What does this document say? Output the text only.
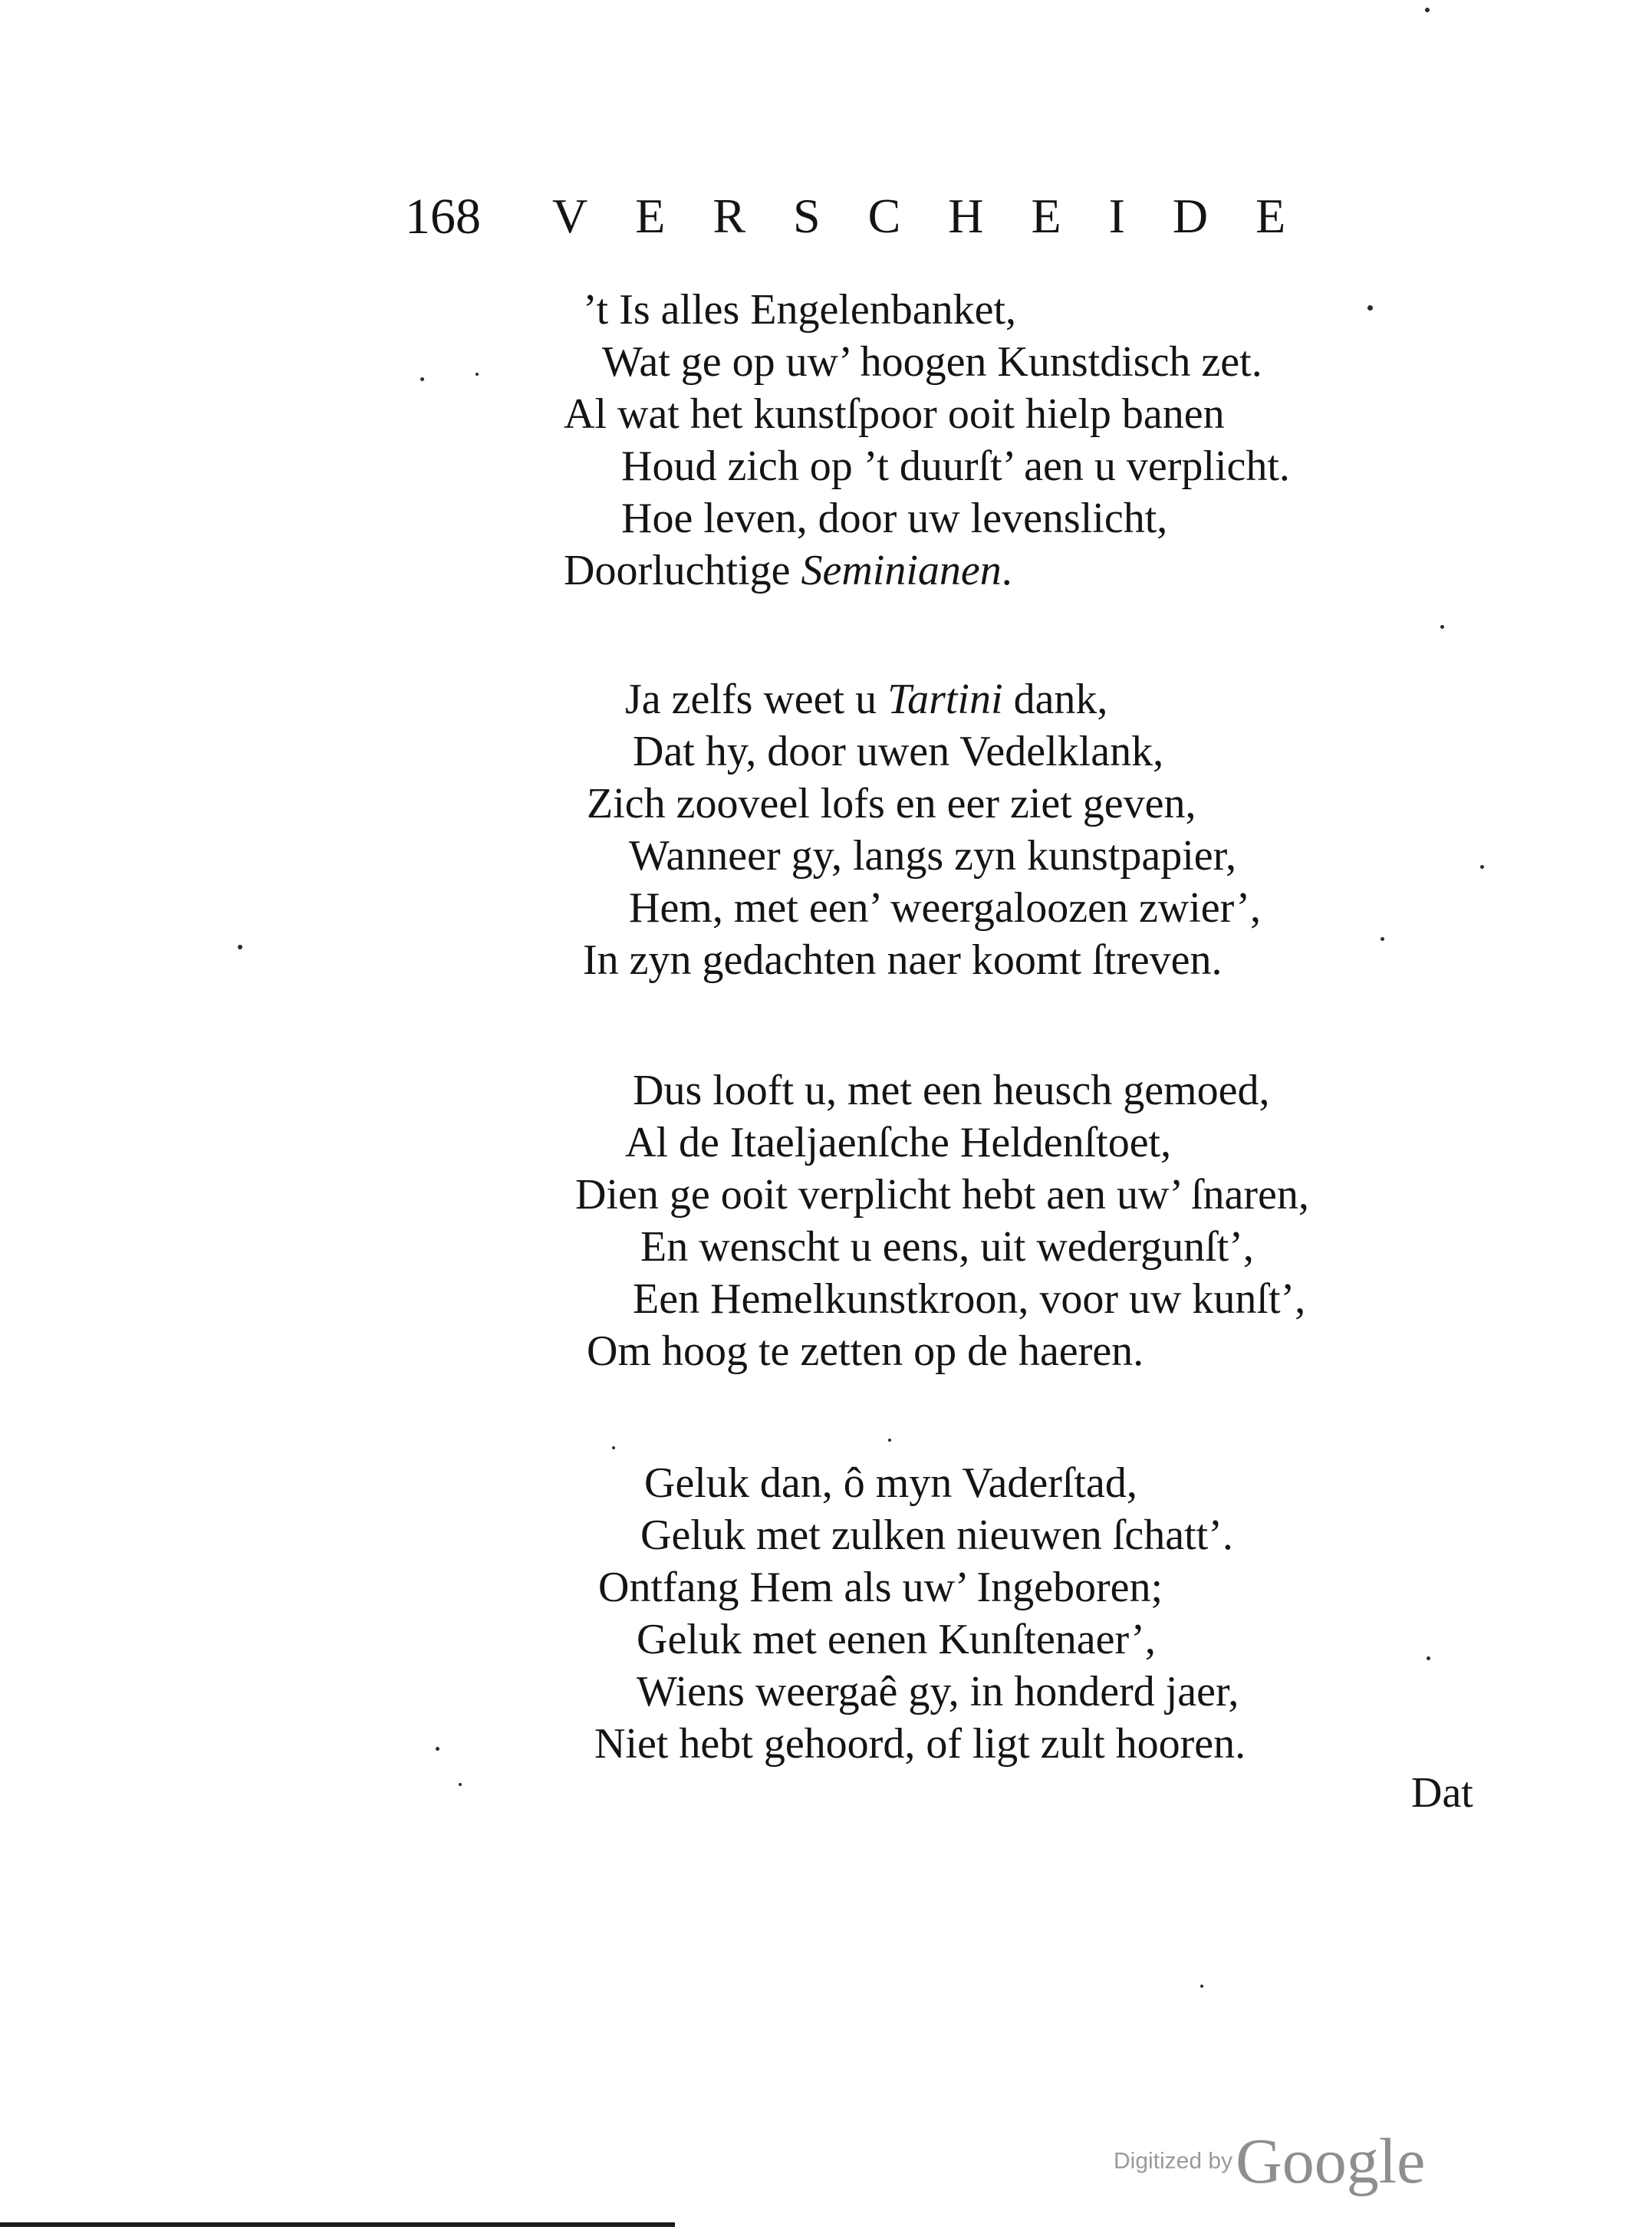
168 VERSCHEIDE
’t Is alles Engelenbanket,
Wat ge op uw’ hoogen Kunstdisch zet.
Al wat het kunstſpoor ooit hielp banen
Houd zich op ’t duurſt’ aen u verplicht.
Hoe leven, door uw levenslicht,
Doorluchtige Seminianen.
Ja zelfs weet u Tartini dank,
Dat hy, door uwen Vedelklank,
Zich zooveel lofs en eer ziet geven,
Wanneer gy, langs zyn kunstpapier,
Hem, met een’ weergaloozen zwier’,
In zyn gedachten naer koomt ſtreven.
Dus looft u, met een heusch gemoed,
Al de Itaeljaenſche Heldenſtoet,
Dien ge ooit verplicht hebt aen uw’ ſnaren,
En wenscht u eens, uit wedergunſt’,
Een Hemelkunstkroon, voor uw kunſt’,
Om hoog te zetten op de haeren.
Geluk dan, ô myn Vaderſtad,
Geluk met zulken nieuwen ſchatt’.
Ontfang Hem als uw’ Ingeboren;
Geluk met eenen Kunſtenaer’,
Wiens weergaê gy, in honderd jaer,
Niet hebt gehoord, of ligt zult hooren.
Dat
Digitized by Google
